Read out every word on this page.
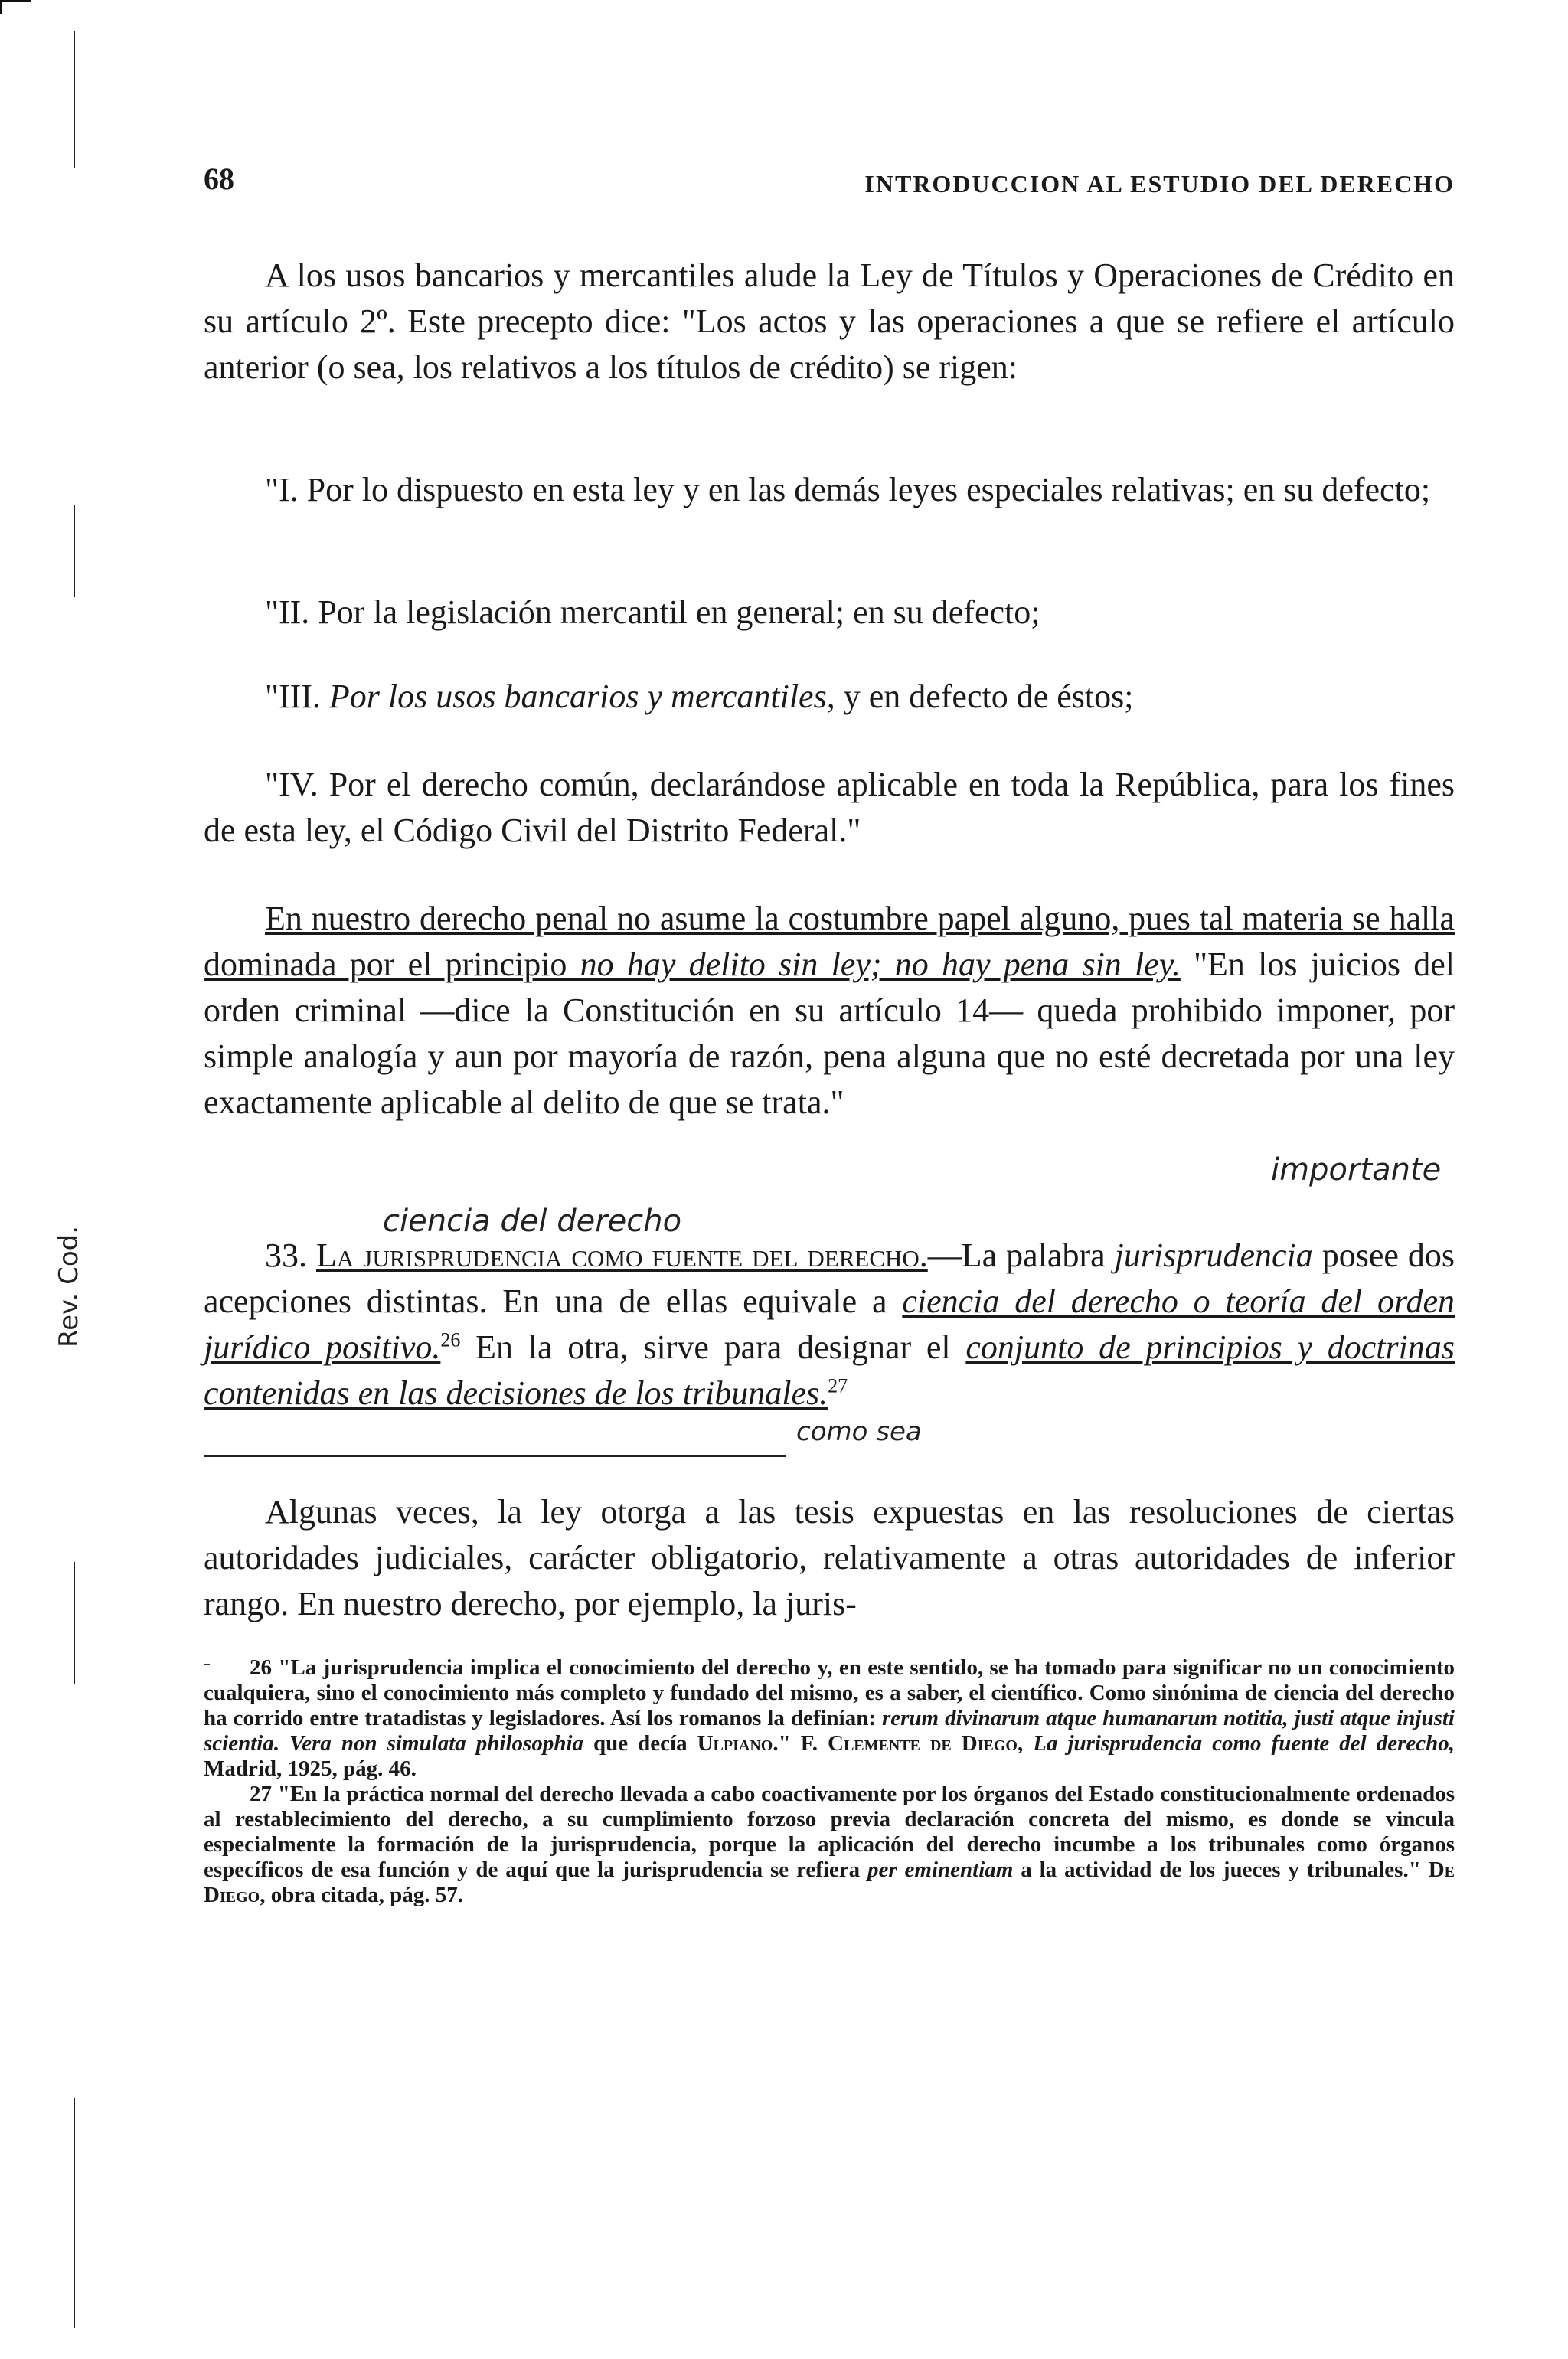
68	INTRODUCCION AL ESTUDIO DEL DERECHO

A los usos bancarios y mercantiles alude la Ley de Títulos y Operaciones de Crédito en su artículo 2º. Este precepto dice: "Los actos y las operaciones a que se refiere el artículo anterior (o sea, los relativos a los títulos de crédito) se rigen:

"I. Por lo dispuesto en esta ley y en las demás leyes especiales relativas; en su defecto;

"II. Por la legislación mercantil en general; en su defecto;

"III. Por los usos bancarios y mercantiles, y en defecto de éstos;

"IV. Por el derecho común, declarándose aplicable en toda la República, para los fines de esta ley, el Código Civil del Distrito Federal."

En nuestro derecho penal no asume la costumbre papel alguno, pues tal materia se halla dominada por el principio no hay delito sin ley; no hay pena sin ley. "En los juicios del orden criminal —dice la Constitución en su artículo 14— queda prohibido imponer, por simple analogía y aun por mayoría de razón, pena alguna que no esté decretada por una ley exactamente aplicable al delito de que se trata."

importante
ciencia del derecho

33. La jurisprudencia como fuente del derecho.—La palabra jurisprudencia posee dos acepciones distintas. En una de ellas equivale a ciencia del derecho o teoría del orden jurídico positivo.$^{26}$ En la otra, sirve para designar el conjunto de principios y doctrinas contenidas en las decisiones de los tribunales.$^{27}$

como sea
Rev. Cod.

Algunas veces, la ley otorga a las tesis expuestas en las resoluciones de ciertas autoridades judiciales, carácter obligatorio, relativamente a otras autoridades de inferior rango. En nuestro derecho, por ejemplo, la juris-

26 "La jurisprudencia implica el conocimiento del derecho y, en este sentido, se ha tomado para significar no un conocimiento cualquiera, sino el conocimiento más completo y fundado del mismo, es a saber, el científico. Como sinónima de ciencia del derecho ha corrido entre tratadistas y legisladores. Así los romanos la definían: rerum divinarum atque humanarum notitia, justi atque injusti scientia. Vera non simulata philosophia que decía Ulpiano." F. Clemente de Diego, La jurisprudencia como fuente del derecho, Madrid, 1925, pág. 46.

27 "En la práctica normal del derecho llevada a cabo coactivamente por los órganos del Estado constitucionalmente ordenados al restablecimiento del derecho, a su cumplimiento forzoso previa declaración concreta del mismo, es donde se vincula especialmente la formación de la jurisprudencia, porque la aplicación del derecho incumbe a los tribunales como órganos específicos de esa función y de aquí que la jurisprudencia se refiera per eminentiam a la actividad de los jueces y tribunales." De Diego, obra citada, pág. 57.
